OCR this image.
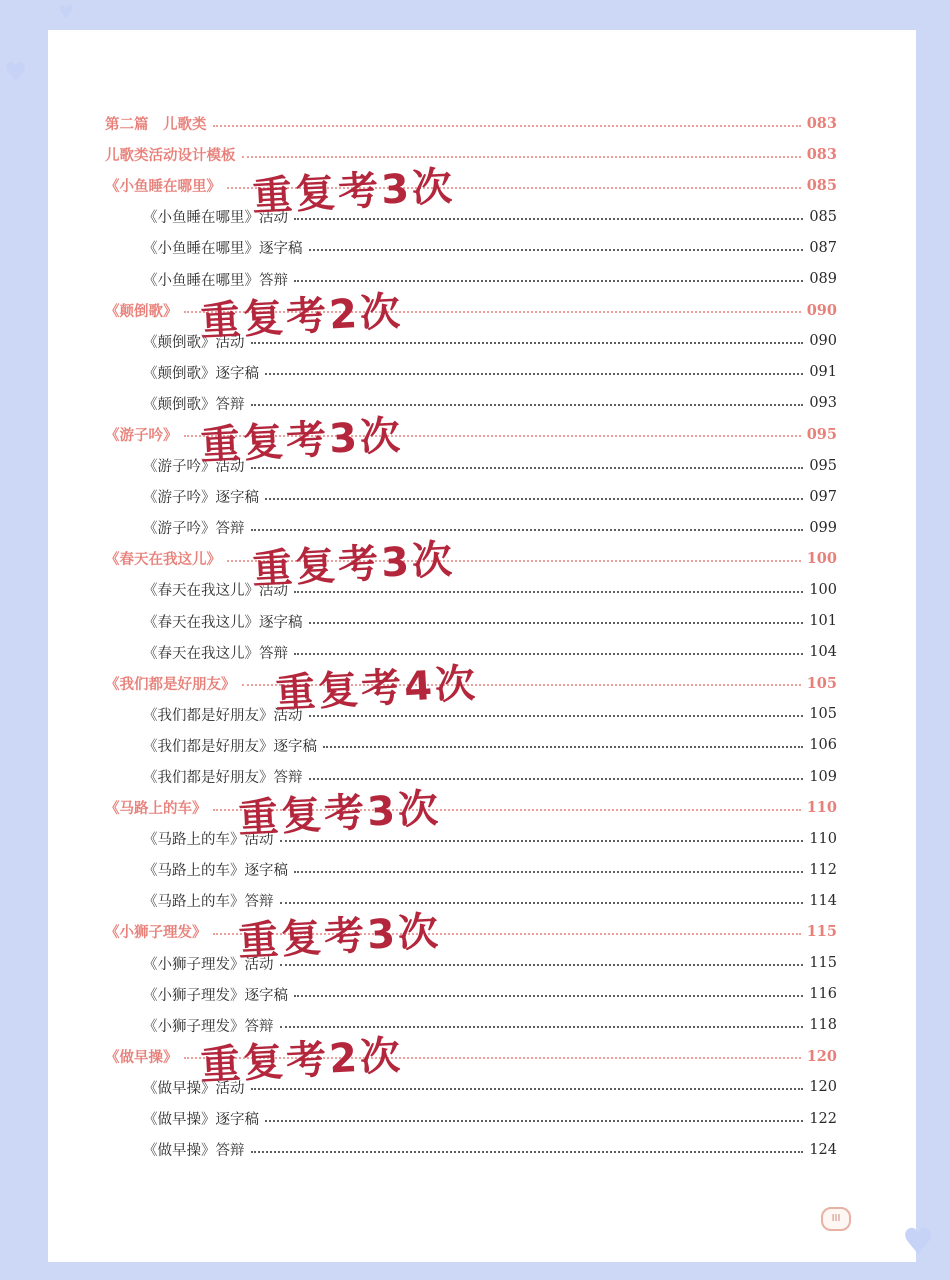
♥
♥
♥
第二篇　儿歌类	083
儿歌类活动设计模板	083
《小鱼睡在哪里》	085
《小鱼睡在哪里》活动	085
《小鱼睡在哪里》逐字稿	087
《小鱼睡在哪里》答辩	089
《颠倒歌》	090
《颠倒歌》活动	090
《颠倒歌》逐字稿	091
《颠倒歌》答辩	093
《游子吟》	095
《游子吟》活动	095
《游子吟》逐字稿	097
《游子吟》答辩	099
《春天在我这儿》	100
《春天在我这儿》活动	100
《春天在我这儿》逐字稿	101
《春天在我这儿》答辩	104
《我们都是好朋友》	105
《我们都是好朋友》活动	105
《我们都是好朋友》逐字稿	106
《我们都是好朋友》答辩	109
《马路上的车》	110
《马路上的车》活动	110
《马路上的车》逐字稿	112
《马路上的车》答辩	114
《小狮子理发》	115
《小狮子理发》活动	115
《小狮子理发》逐字稿	116
《小狮子理发》答辩	118
《做早操》	120
《做早操》活动	120
《做早操》逐字稿	122
《做早操》答辩	124
重复考3次
重复考2次
重复考3次
重复考3次
重复考4次
重复考3次
重复考3次
重复考2次
III
